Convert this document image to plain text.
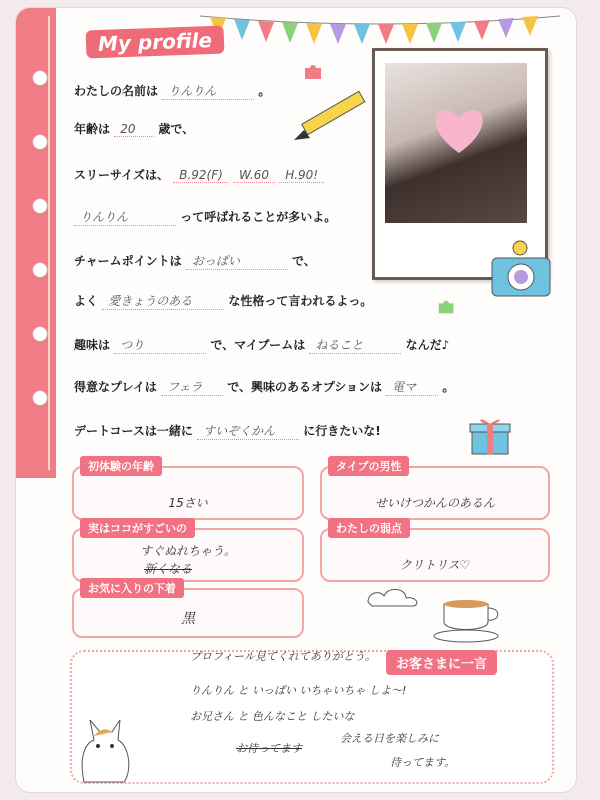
My profile
わたしの名前は りんりん	。
年齢は 20 歳で、
スリーサイズは、 B.92(F) W.60 H.90!
りんりん	って呼ばれることが多いよ。
チャームポイントは おっぱい	で、
よく 愛きょうのある	な性格って言われるよっ。
趣味は つり	で、マイブームは ねること	なんだ♪
得意なプレイは フェラ で、興味のあるオプションは 電マ 。
デートコースは一緒に すいぞくかん に行きたいな!
初体験の年齢
15さい
タイプの男性
せいけつかんのあるん
実はココがすごいの
すぐぬれちゃう。
新くなる
わたしの弱点
クリトリス♡
お気に入りの下着
黒
お客さまに一言
プロフィール見てくれてありがとう。
りんりん と いっぱい いちゃいちゃ しよ〜!
お兄さん と 色んなこと したいな
お待ってます
会える日を楽しみに
待ってます。
